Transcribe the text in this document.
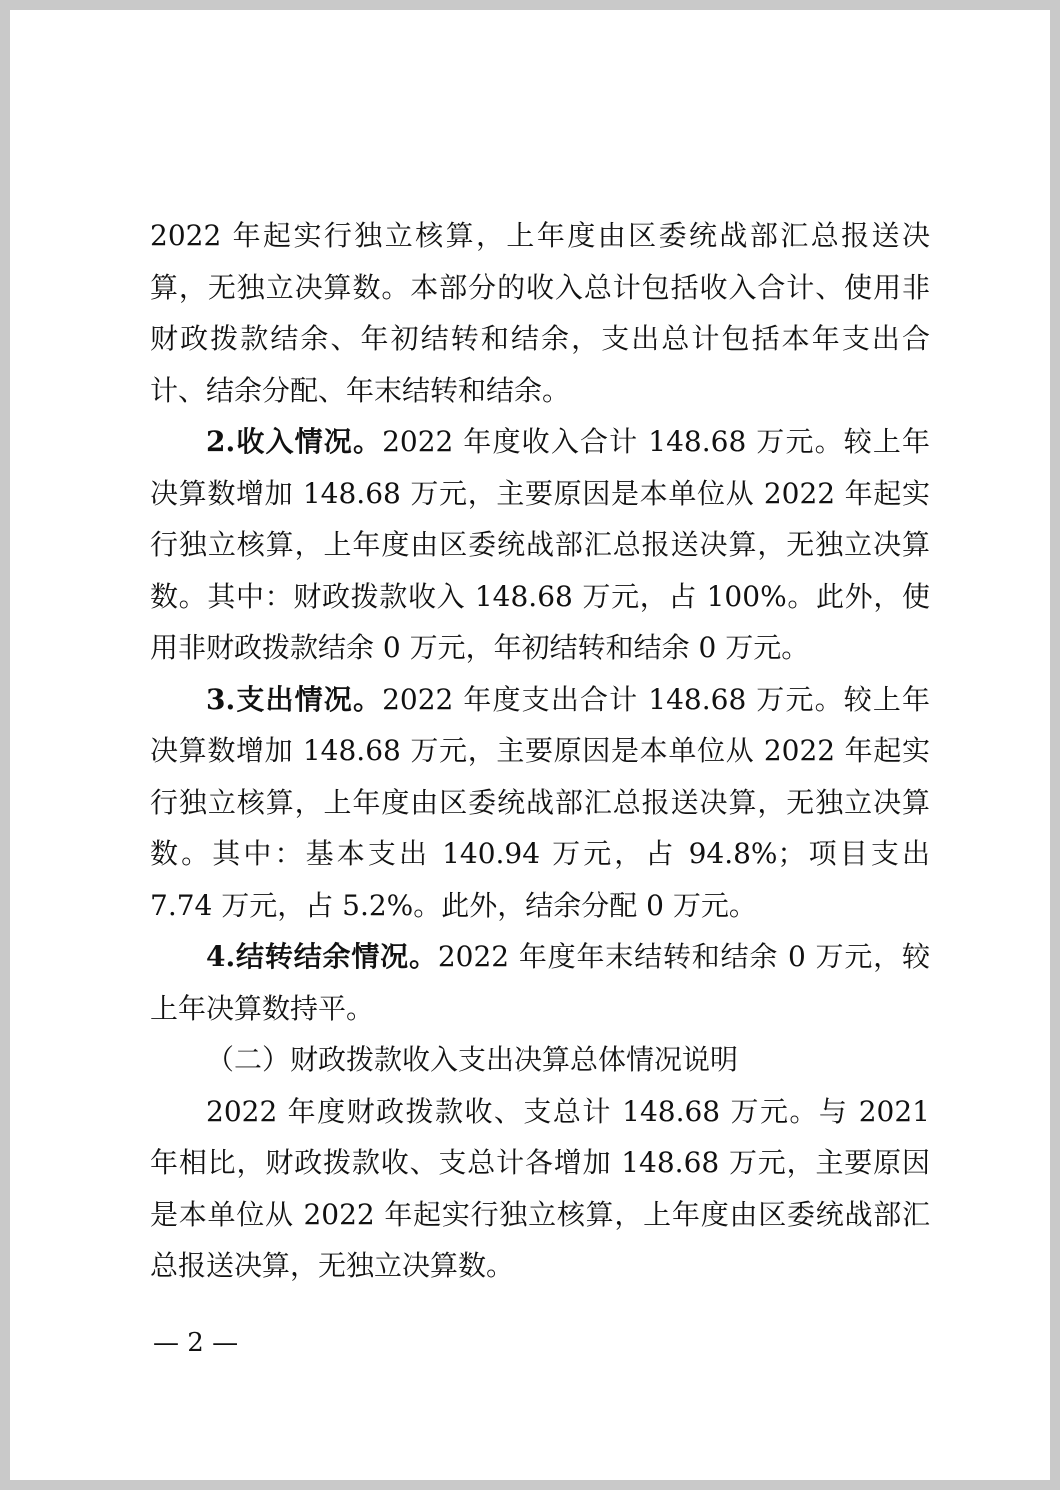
2022 年起实行独立核算，上年度由区委统战部汇总报送决算，无独立决算数。本部分的收入总计包括收入合计、使用非财政拨款结余、年初结转和结余，支出总计包括本年支出合计、结余分配、年末结转和结余。

2.收入情况。2022 年度收入合计 148.68 万元。较上年决算数增加 148.68 万元，主要原因是本单位从 2022 年起实行独立核算，上年度由区委统战部汇总报送决算，无独立决算数。其中：财政拨款收入 148.68 万元，占 100%。此外，使用非财政拨款结余 0 万元，年初结转和结余 0 万元。

3.支出情况。2022 年度支出合计 148.68 万元。较上年决算数增加 148.68 万元，主要原因是本单位从 2022 年起实行独立核算，上年度由区委统战部汇总报送决算，无独立决算数。其中：基本支出 140.94 万元，占 94.8%；项目支出 7.74 万元，占 5.2%。此外，结余分配 0 万元。

4.结转结余情况。2022 年度年末结转和结余 0 万元，较上年决算数持平。

（二）财政拨款收入支出决算总体情况说明

2022 年度财政拨款收、支总计 148.68 万元。与 2021 年相比，财政拨款收、支总计各增加 148.68 万元，主要原因是本单位从 2022 年起实行独立核算，上年度由区委统战部汇总报送决算，无独立决算数。

— 2 —
